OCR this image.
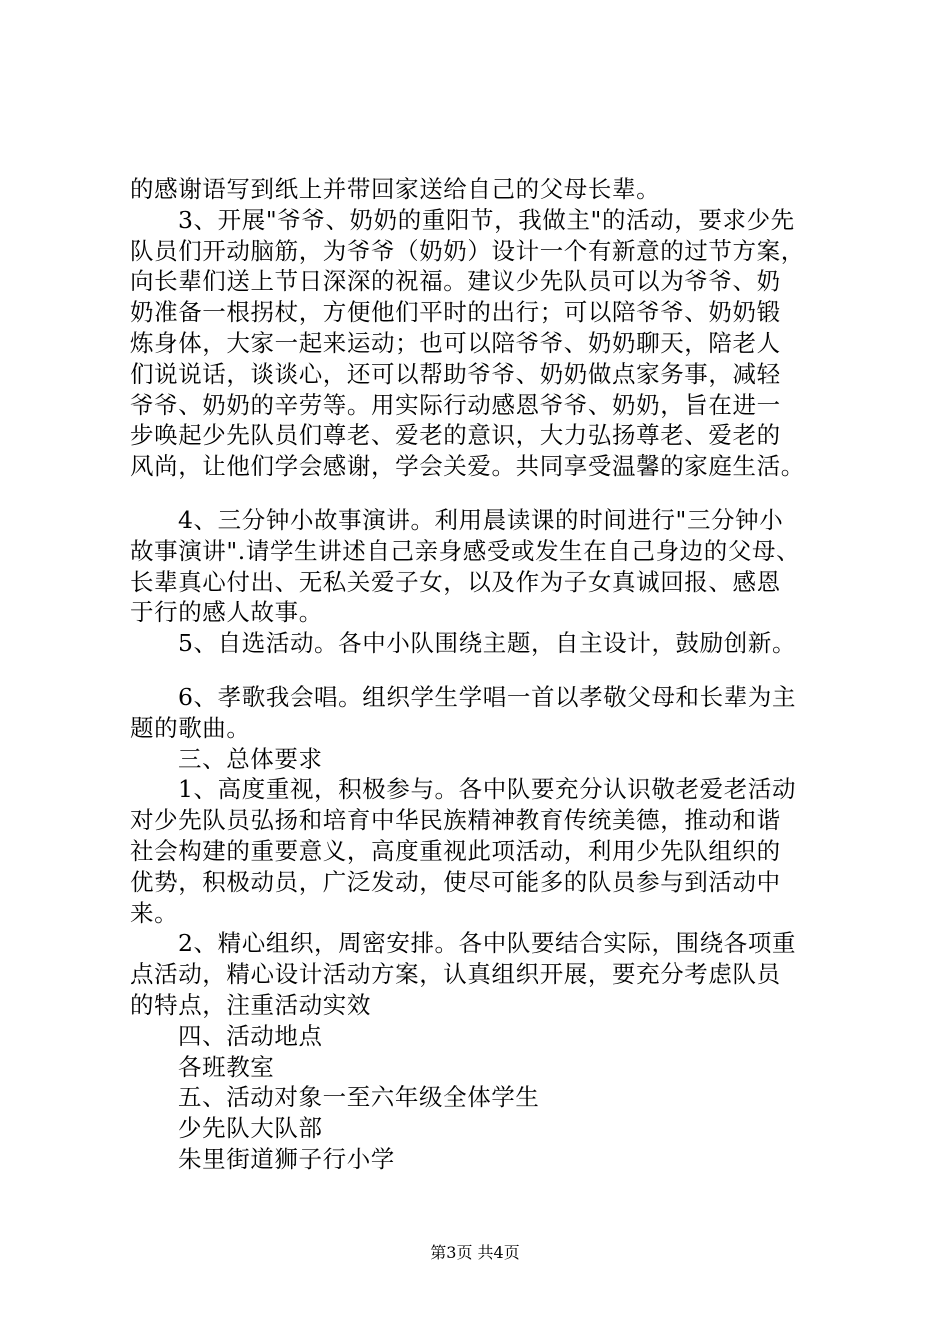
的感谢语写到纸上并带回家送给自己的父母长辈。
3、开展"爷爷、奶奶的重阳节，我做主"的活动，要求少先
队员们开动脑筋，为爷爷（奶奶）设计一个有新意的过节方案，
向长辈们送上节日深深的祝福。建议少先队员可以为爷爷、奶
奶准备一根拐杖，方便他们平时的出行；可以陪爷爷、奶奶锻
炼身体，大家一起来运动；也可以陪爷爷、奶奶聊天，陪老人
们说说话，谈谈心，还可以帮助爷爷、奶奶做点家务事，减轻
爷爷、奶奶的辛劳等。用实际行动感恩爷爷、奶奶，旨在进一
步唤起少先队员们尊老、爱老的意识，大力弘扬尊老、爱老的
风尚，让他们学会感谢，学会关爱。共同享受温馨的家庭生活。
4、三分钟小故事演讲。利用晨读课的时间进行"三分钟小
故事演讲".请学生讲述自己亲身感受或发生在自己身边的父母、
长辈真心付出、无私关爱子女，以及作为子女真诚回报、感恩
于行的感人故事。
5、自选活动。各中小队围绕主题，自主设计，鼓励创新。
6、孝歌我会唱。组织学生学唱一首以孝敬父母和长辈为主
题的歌曲。
三、总体要求
1、高度重视，积极参与。各中队要充分认识敬老爱老活动
对少先队员弘扬和培育中华民族精神教育传统美德，推动和谐
社会构建的重要意义，高度重视此项活动，利用少先队组织的
优势，积极动员，广泛发动，使尽可能多的队员参与到活动中
来。
2、精心组织，周密安排。各中队要结合实际，围绕各项重
点活动，精心设计活动方案，认真组织开展，要充分考虑队员
的特点，注重活动实效
四、活动地点
各班教室
五、活动对象一至六年级全体学生
少先队大队部
朱里街道狮子行小学
第3页 共4页
